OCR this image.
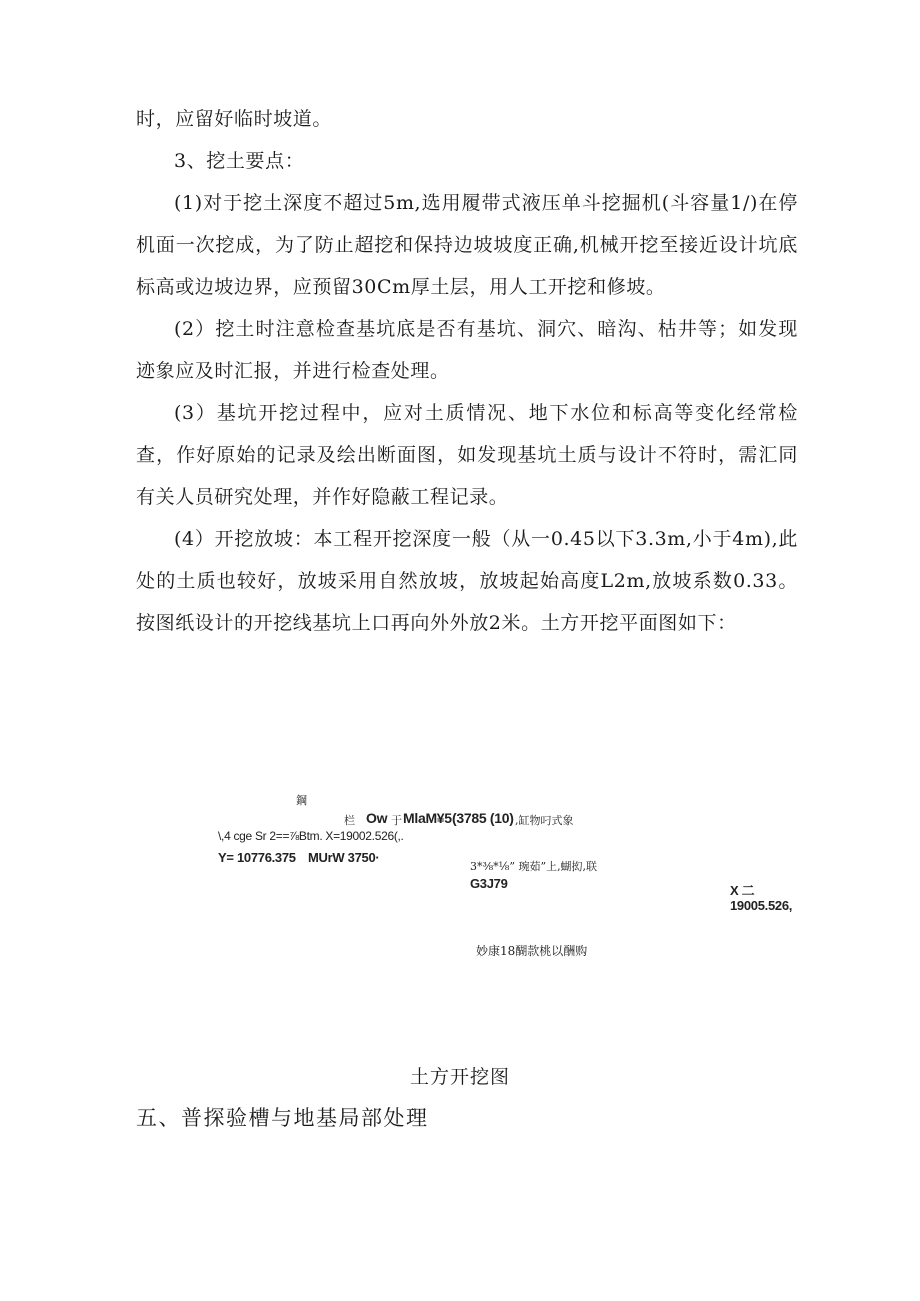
时，应留好临时坡道。

3、挖土要点：

(1)对于挖土深度不超过5m,选用履带式液压单斗挖掘机(斗容量1/)在停机面一次挖成，为了防止超挖和保持边坡坡度正确,机械开挖至接近设计坑底标高或边坡边界，应预留30Cm厚土层，用人工开挖和修坡。

(2）挖土时注意检查基坑底是否有基坑、洞穴、暗沟、枯井等；如发现迹象应及时汇报，并进行检查处理。

(3）基坑开挖过程中，应对土质情况、地下水位和标高等变化经常检查，作好原始的记录及绘出断面图，如发现基坑土质与设计不符时，需汇同有关人员研究处理，并作好隐蔽工程记录。

(4）开挖放坡：本工程开挖深度一般（从一0.45以下3.3m,小于4m),此处的土质也较好，放坡采用自然放坡，放坡起始高度L2m,放坡系数0.33。按图纸设计的开挖线基坑上口再向外外放2米。土方开挖平面图如下：

鋼
栏 Ow 于 MlaM¥5 (3785 (10) ,缸物叼式象
\,4 cge Sr 2==⅞Btm. X=19002.526(,.
Y= 10776.375 MUrW 3750·
3*⅜*⅛” 琬茹”上,蝴抝,联
G3J79	X 二
19005.526,
妙康18醐款桃以酬购
土方开挖图
五、普探验槽与地基局部处理
